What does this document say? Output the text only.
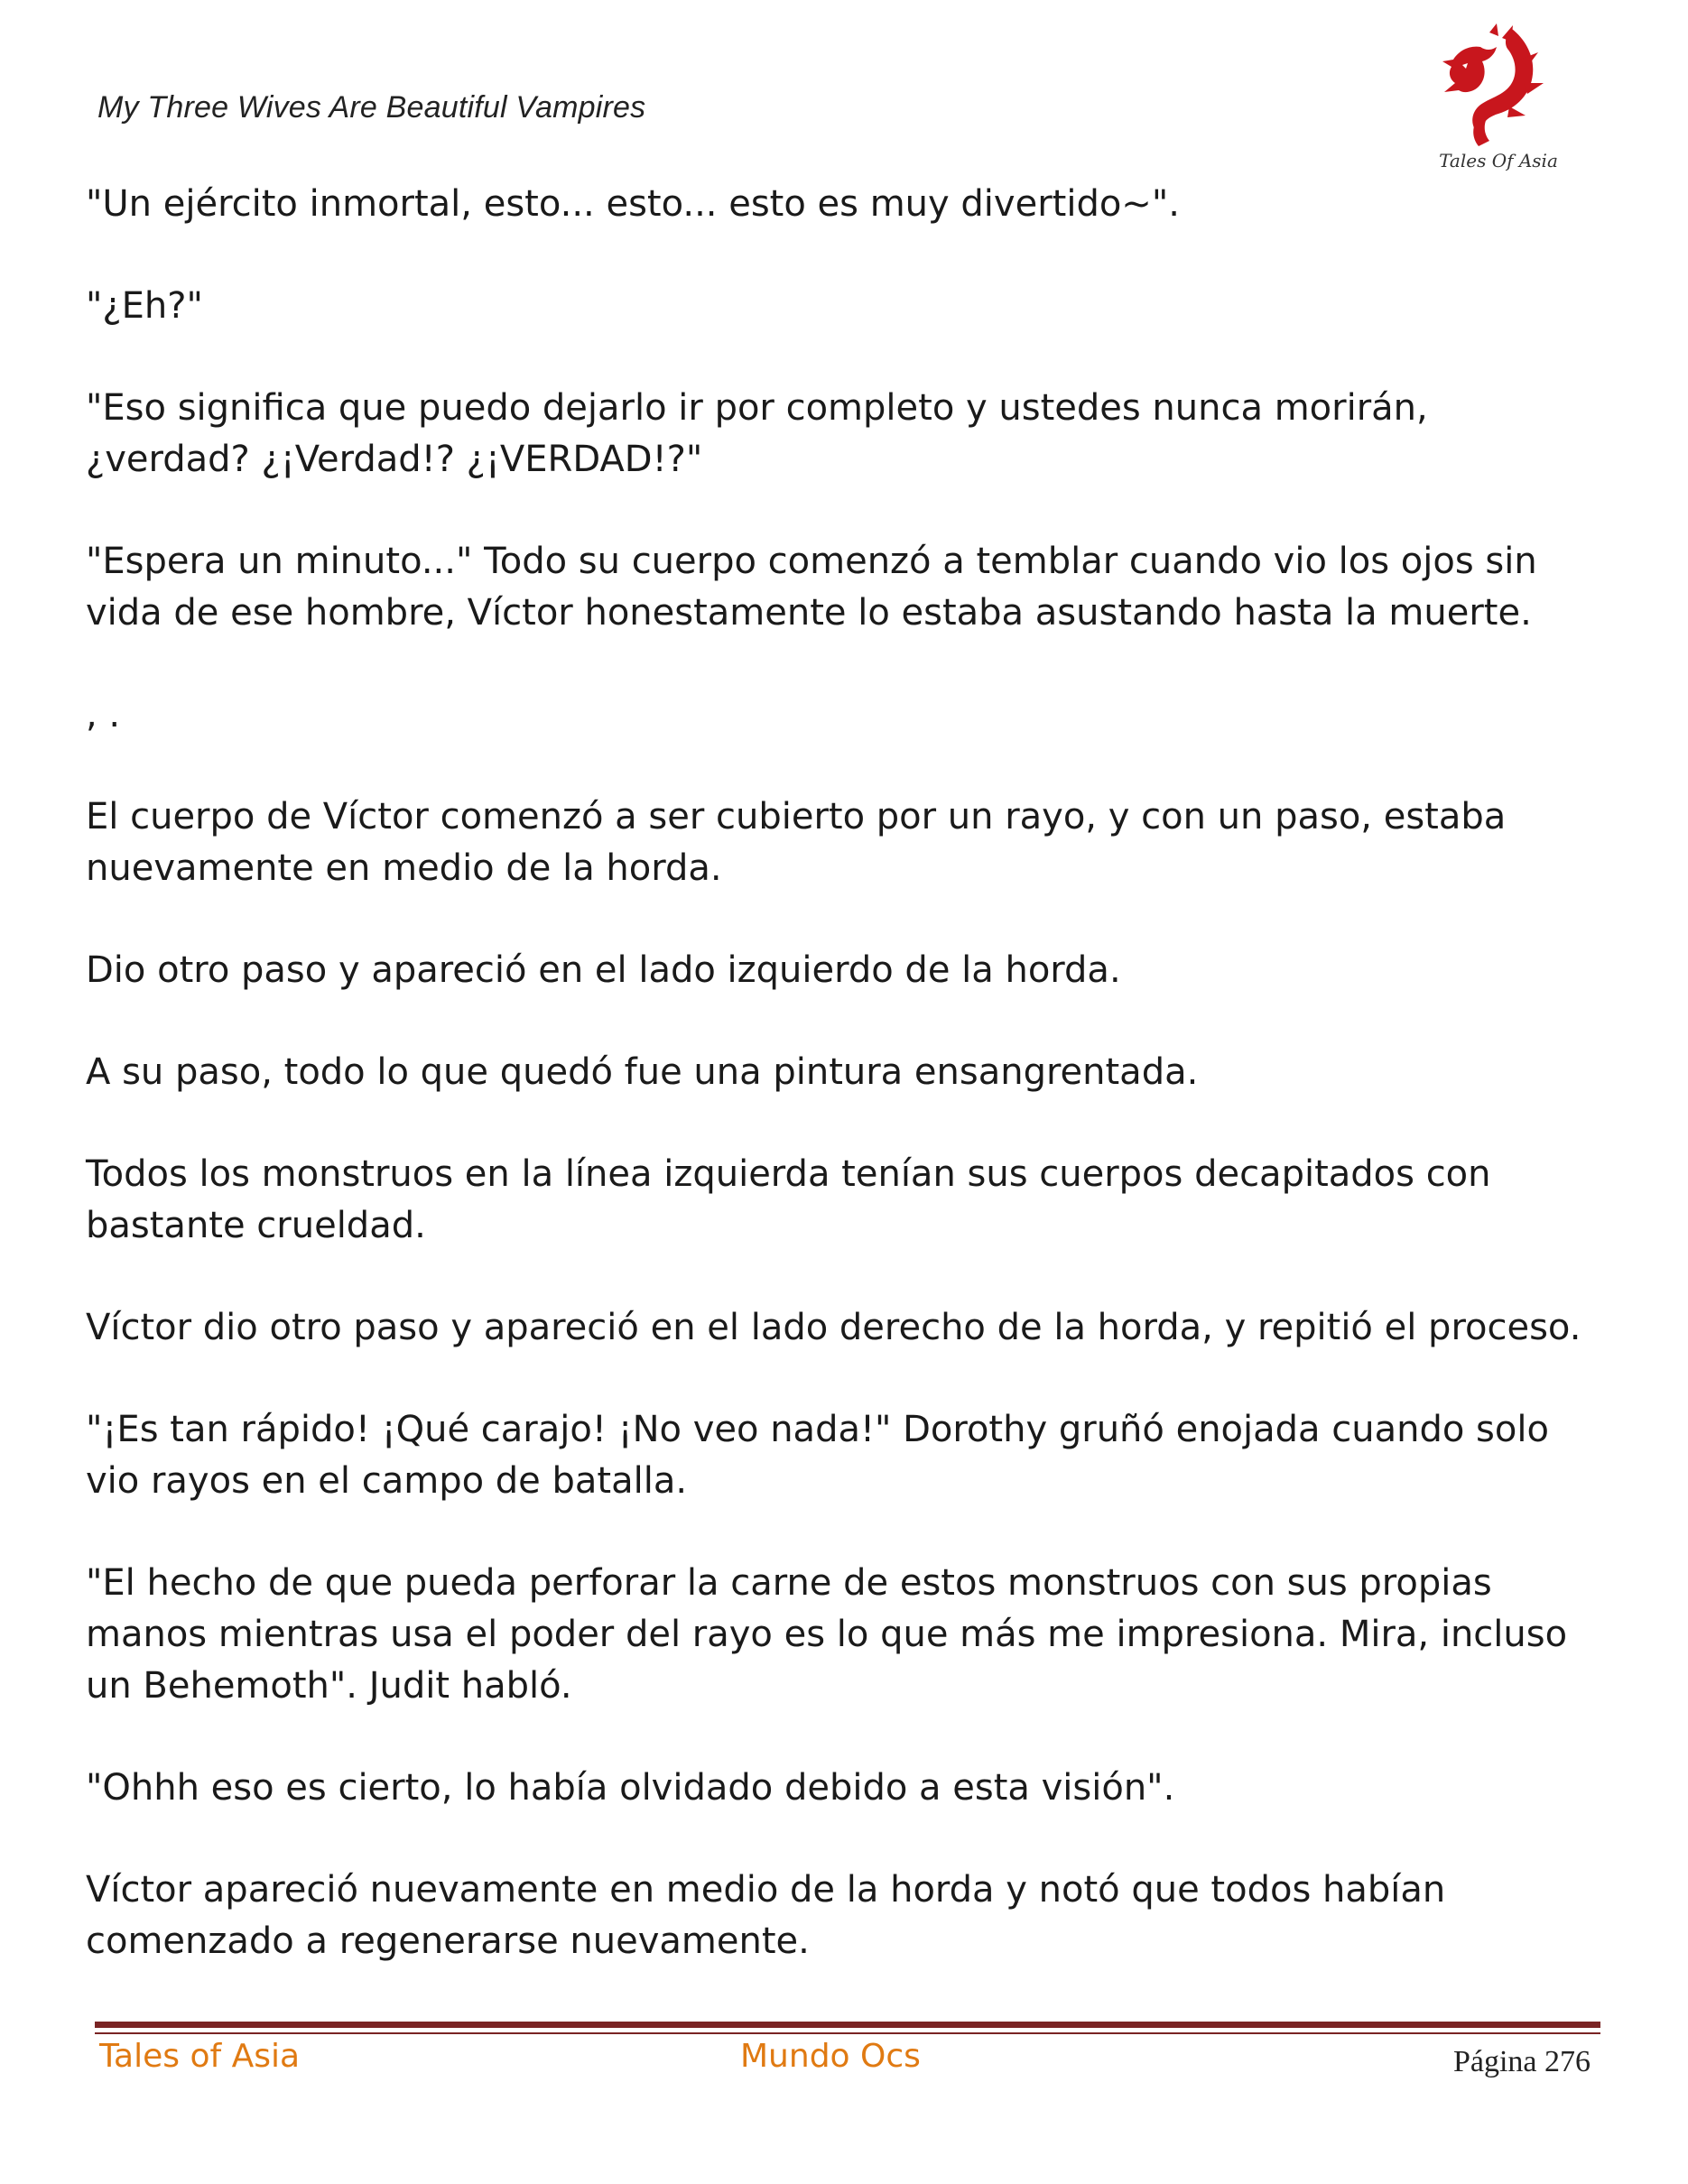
My Three Wives Are Beautiful Vampires
Tales Of Asia

"Un ejército inmortal, esto... esto... esto es muy divertido~".

"¿Eh?"

"Eso significa que puedo dejarlo ir por completo y ustedes nunca morirán, ¿verdad? ¿¡Verdad!? ¿¡VERDAD!?"

"Espera un minuto..." Todo su cuerpo comenzó a temblar cuando vio los ojos sin vida de ese hombre, Víctor honestamente lo estaba asustando hasta la muerte.

, .

El cuerpo de Víctor comenzó a ser cubierto por un rayo, y con un paso, estaba nuevamente en medio de la horda.

Dio otro paso y apareció en el lado izquierdo de la horda.

A su paso, todo lo que quedó fue una pintura ensangrentada.

Todos los monstruos en la línea izquierda tenían sus cuerpos decapitados con bastante crueldad.

Víctor dio otro paso y apareció en el lado derecho de la horda, y repitió el proceso.

"¡Es tan rápido! ¡Qué carajo! ¡No veo nada!" Dorothy gruñó enojada cuando solo vio rayos en el campo de batalla.

"El hecho de que pueda perforar la carne de estos monstruos con sus propias manos mientras usa el poder del rayo es lo que más me impresiona. Mira, incluso un Behemoth". Judit habló.

"Ohhh eso es cierto, lo había olvidado debido a esta visión".

Víctor apareció nuevamente en medio de la horda y notó que todos habían comenzado a regenerarse nuevamente.

Tales of Asia	Mundo Ocs	Página 276
